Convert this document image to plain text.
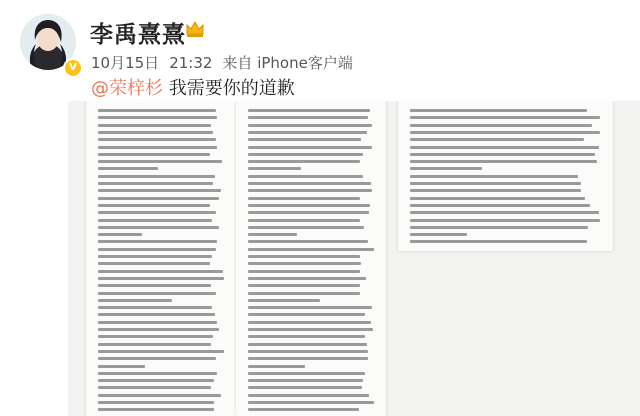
V
李禹熹熹
10月15日 21:32 来自 iPhone客户端
@荣梓杉 我需要你的道歉
